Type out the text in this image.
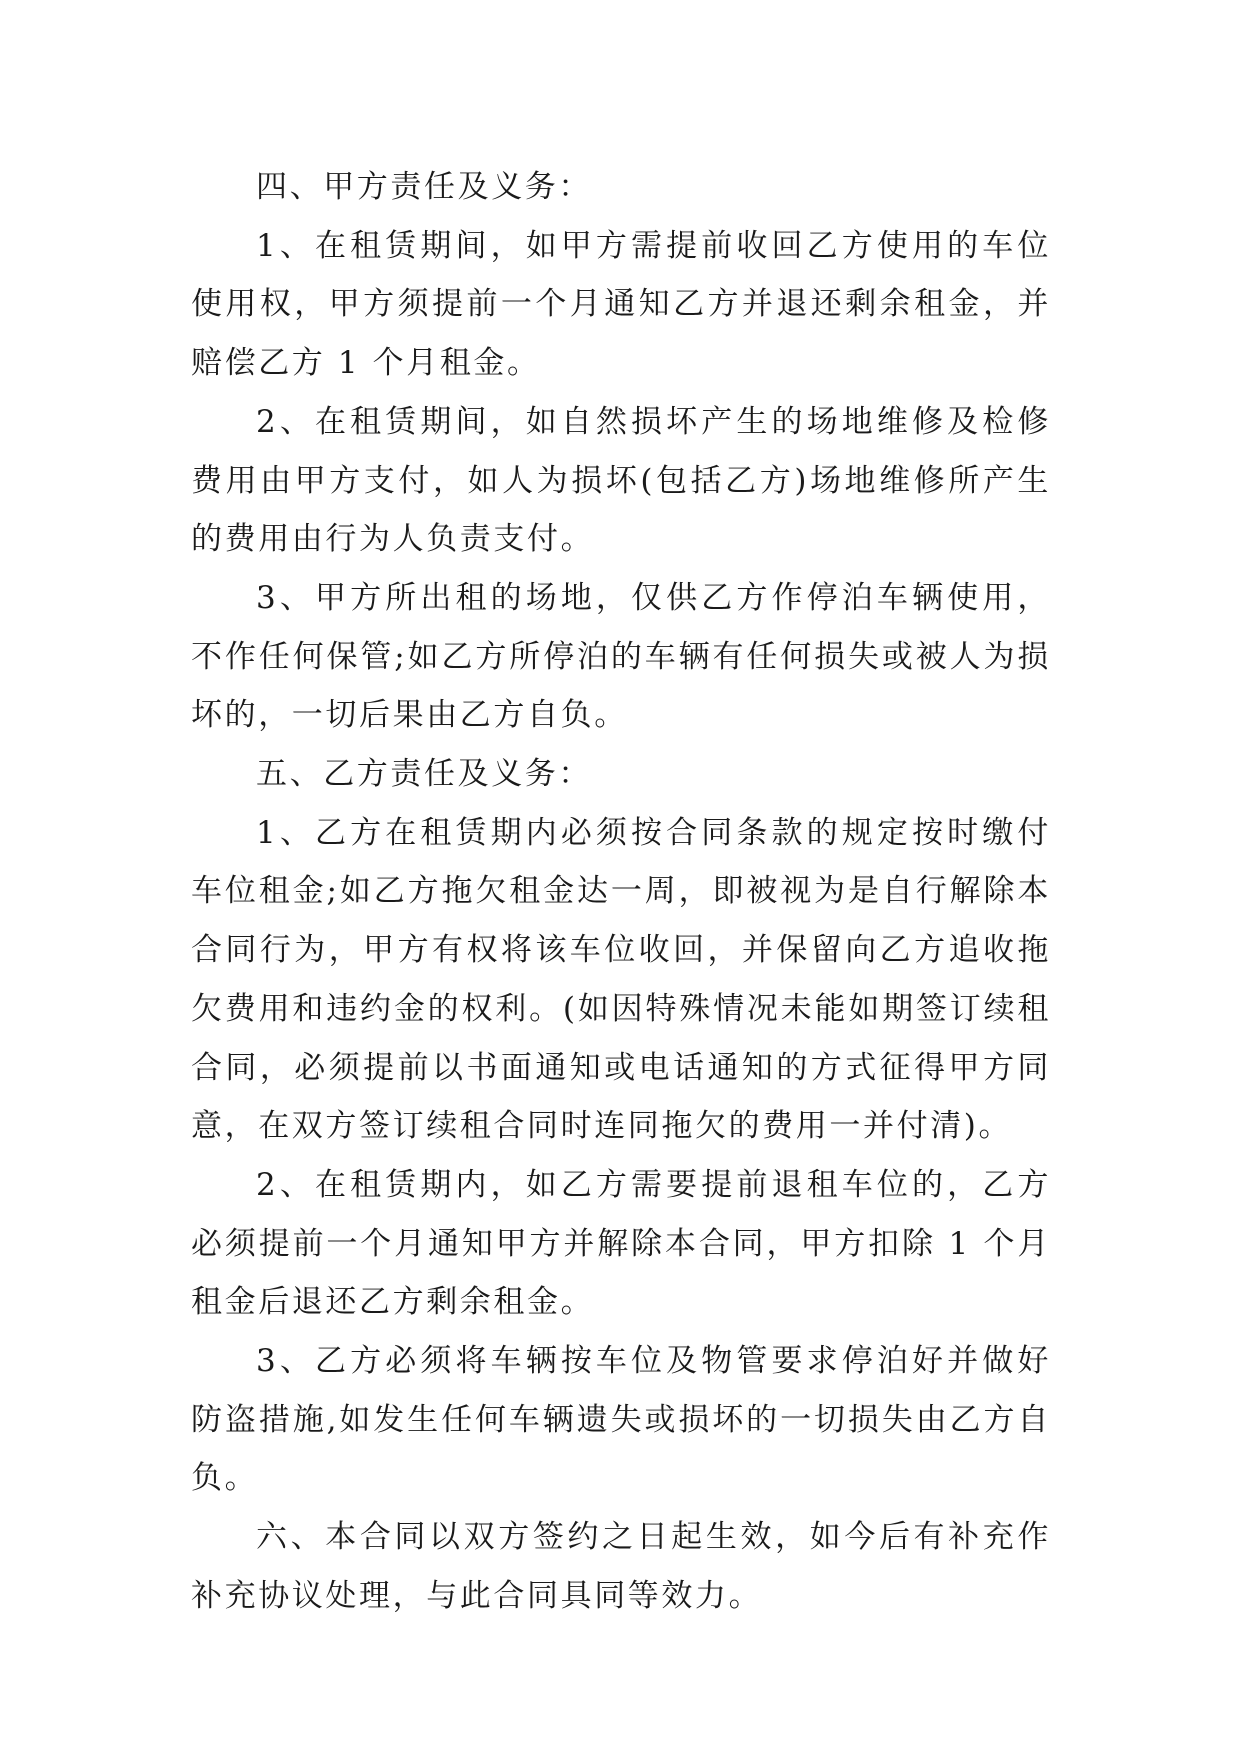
四、甲方责任及义务：

1、在租赁期间，如甲方需提前收回乙方使用的车位使用权，甲方须提前一个月通知乙方并退还剩余租金，并赔偿乙方 1 个月租金。

2、在租赁期间，如自然损坏产生的场地维修及检修费用由甲方支付，如人为损坏(包括乙方)场地维修所产生的费用由行为人负责支付。

3、甲方所出租的场地，仅供乙方作停泊车辆使用，不作任何保管;如乙方所停泊的车辆有任何损失或被人为损坏的，一切后果由乙方自负。

五、乙方责任及义务：

1、乙方在租赁期内必须按合同条款的规定按时缴付车位租金;如乙方拖欠租金达一周，即被视为是自行解除本合同行为，甲方有权将该车位收回，并保留向乙方追收拖欠费用和违约金的权利。(如因特殊情况未能如期签订续租合同，必须提前以书面通知或电话通知的方式征得甲方同意，在双方签订续租合同时连同拖欠的费用一并付清)。

2、在租赁期内，如乙方需要提前退租车位的，乙方必须提前一个月通知甲方并解除本合同，甲方扣除 1 个月租金后退还乙方剩余租金。

3、乙方必须将车辆按车位及物管要求停泊好并做好防盗措施,如发生任何车辆遗失或损坏的一切损失由乙方自负。

六、本合同以双方签约之日起生效，如今后有补充作补充协议处理，与此合同具同等效力。
